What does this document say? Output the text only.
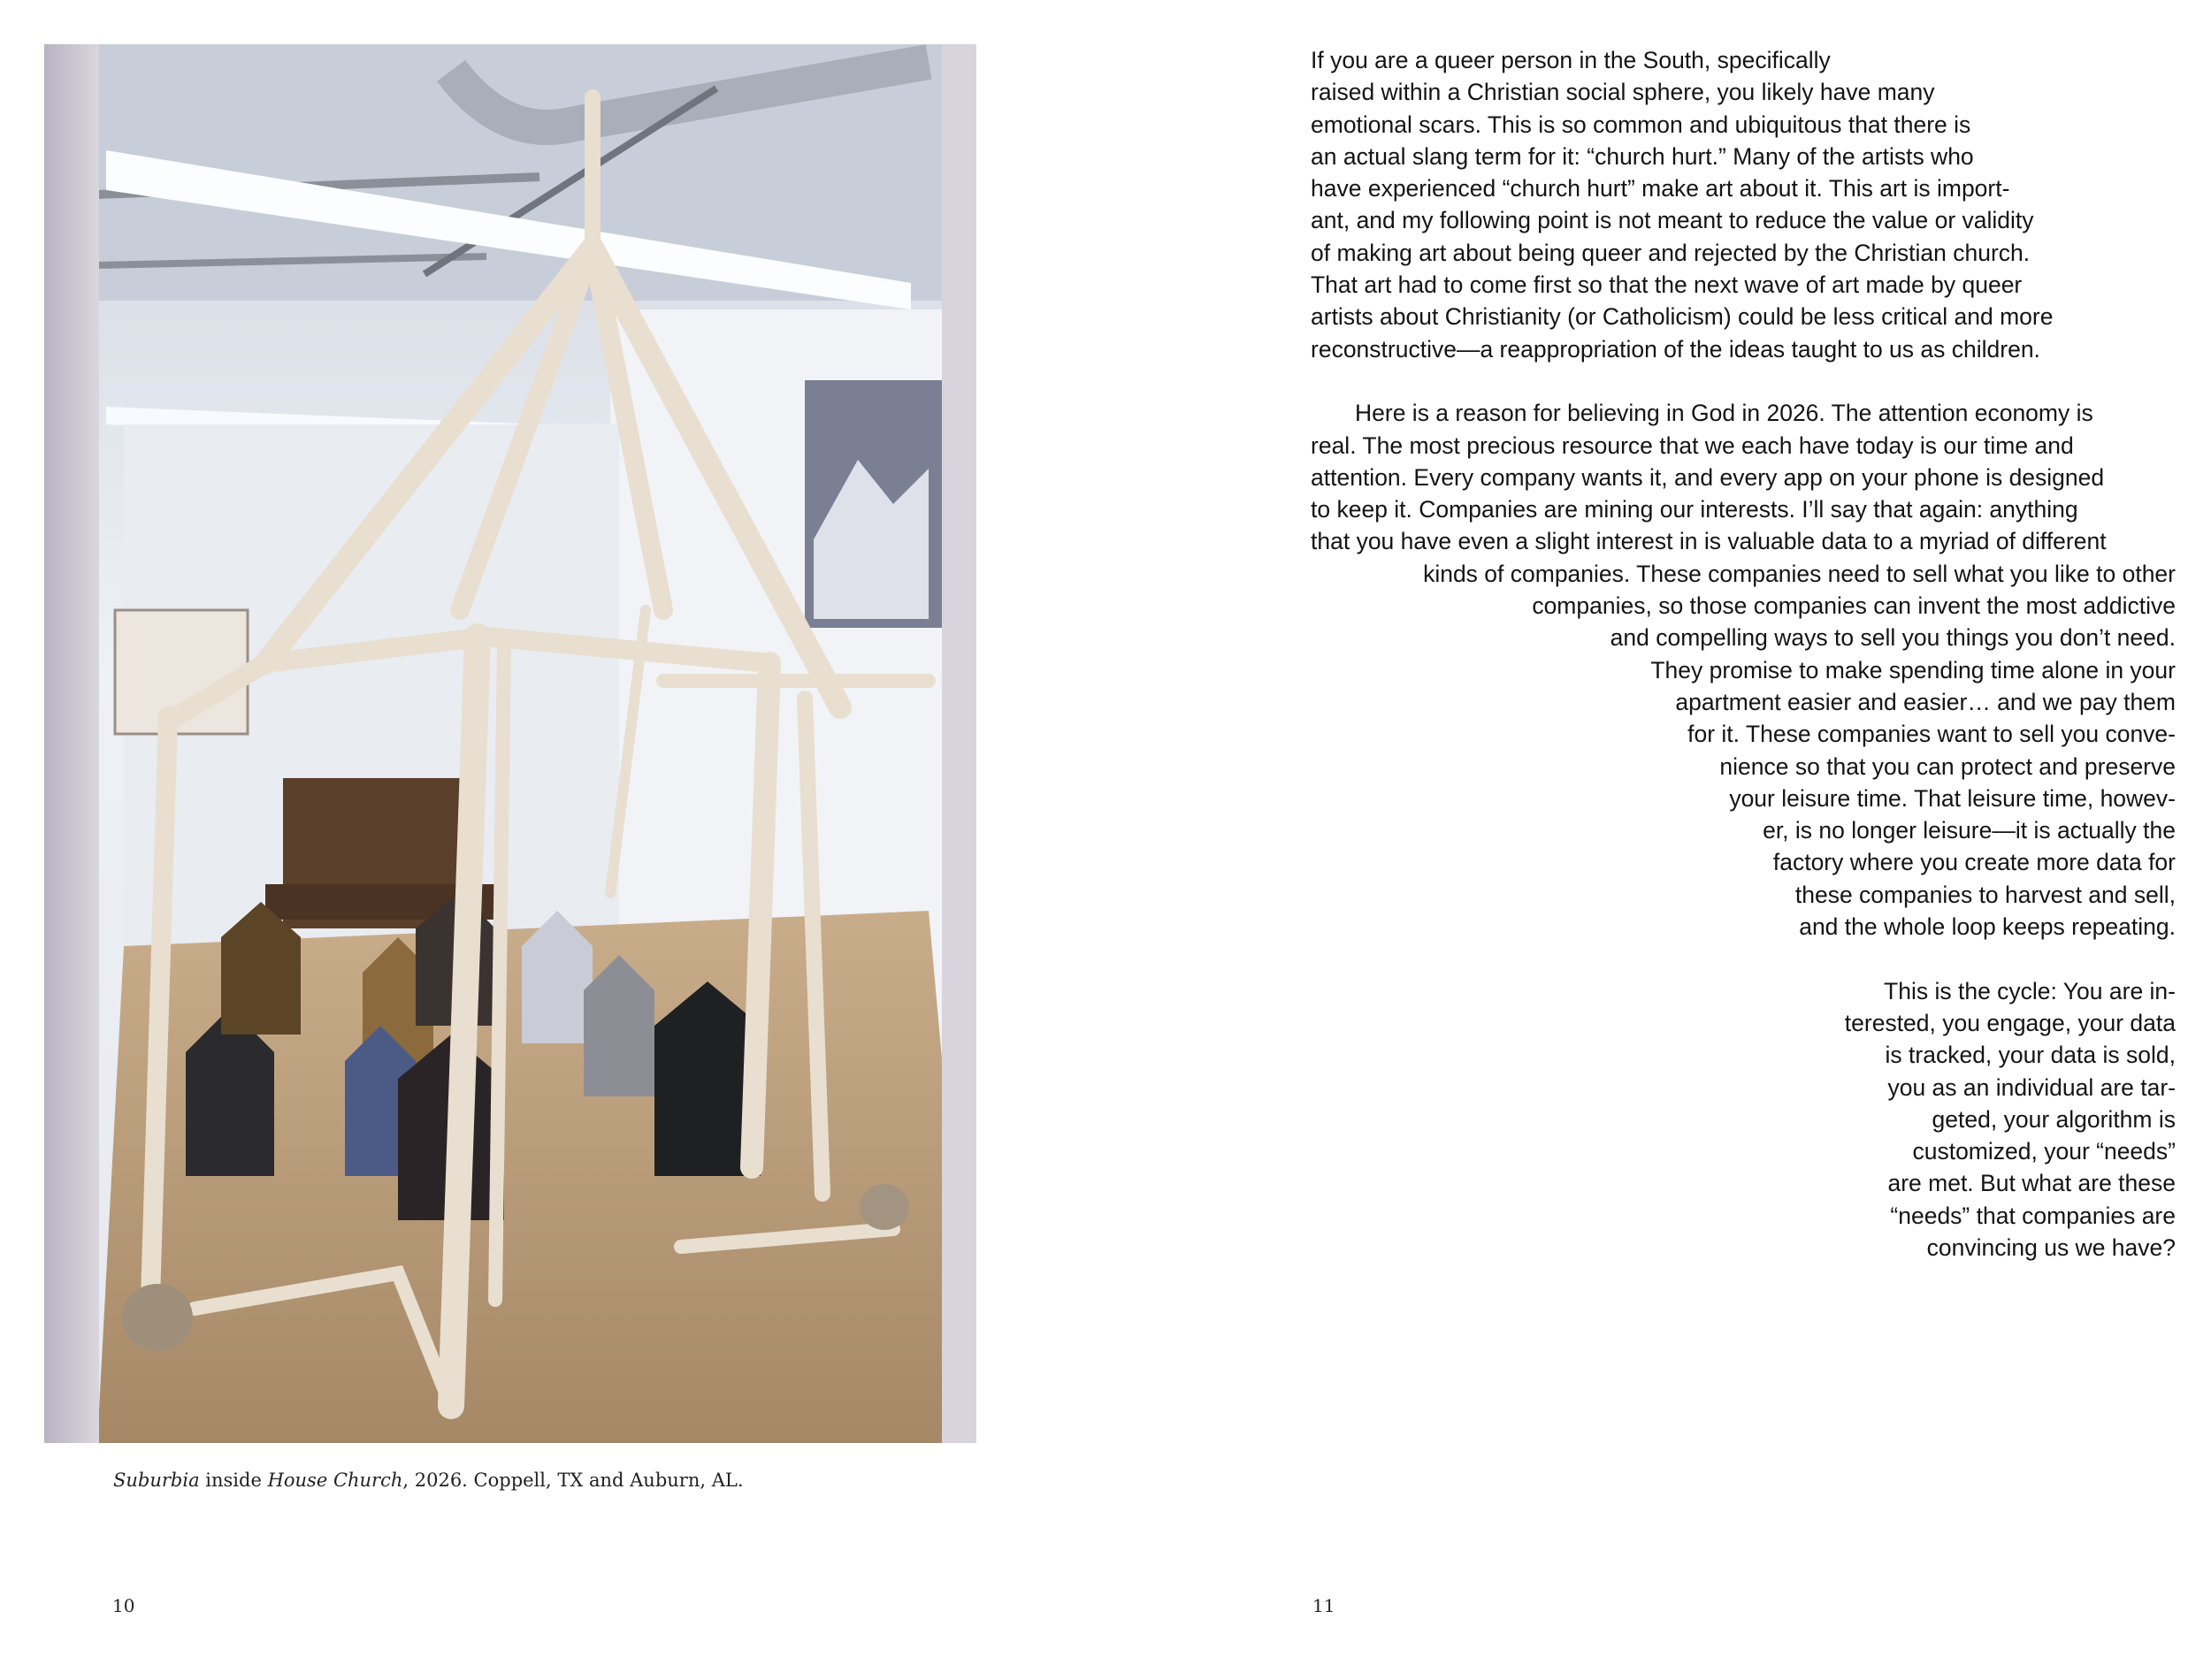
Suburbia inside House Church, 2026. Coppell, TX and Auburn, AL.
10	11
If you are a queer person in the South, specifically
raised within a Christian social sphere, you likely have many
emotional scars. This is so common and ubiquitous that there is
an actual slang term for it: “church hurt.” Many of the artists who
have experienced “church hurt” make art about it. This art is import-
ant, and my following point is not meant to reduce the value or validity
of making art about being queer and rejected by the Christian church.
That art had to come first so that the next wave of art made by queer
artists about Christianity (or Catholicism) could be less critical and more
reconstructive—a reappropriation of the ideas taught to us as children.
Here is a reason for believing in God in 2026. The attention economy is
real. The most precious resource that we each have today is our time and
attention. Every company wants it, and every app on your phone is designed
to keep it. Companies are mining our interests. I’ll say that again: anything
that you have even a slight interest in is valuable data to a myriad of different
kinds of companies. These companies need to sell what you like to other
companies, so those companies can invent the most addictive
and compelling ways to sell you things you don’t need.
They promise to make spending time alone in your
apartment easier and easier… and we pay them
for it. These companies want to sell you conve-
nience so that you can protect and preserve
your leisure time. That leisure time, howev-
er, is no longer leisure—it is actually the
factory where you create more data for
these companies to harvest and sell,
and the whole loop keeps repeating.
This is the cycle: You are in-
terested, you engage, your data
is tracked, your data is sold,
you as an individual are tar-
geted, your algorithm is
customized, your “needs”
are met. But what are these
“needs” that companies are
convincing us we have?
